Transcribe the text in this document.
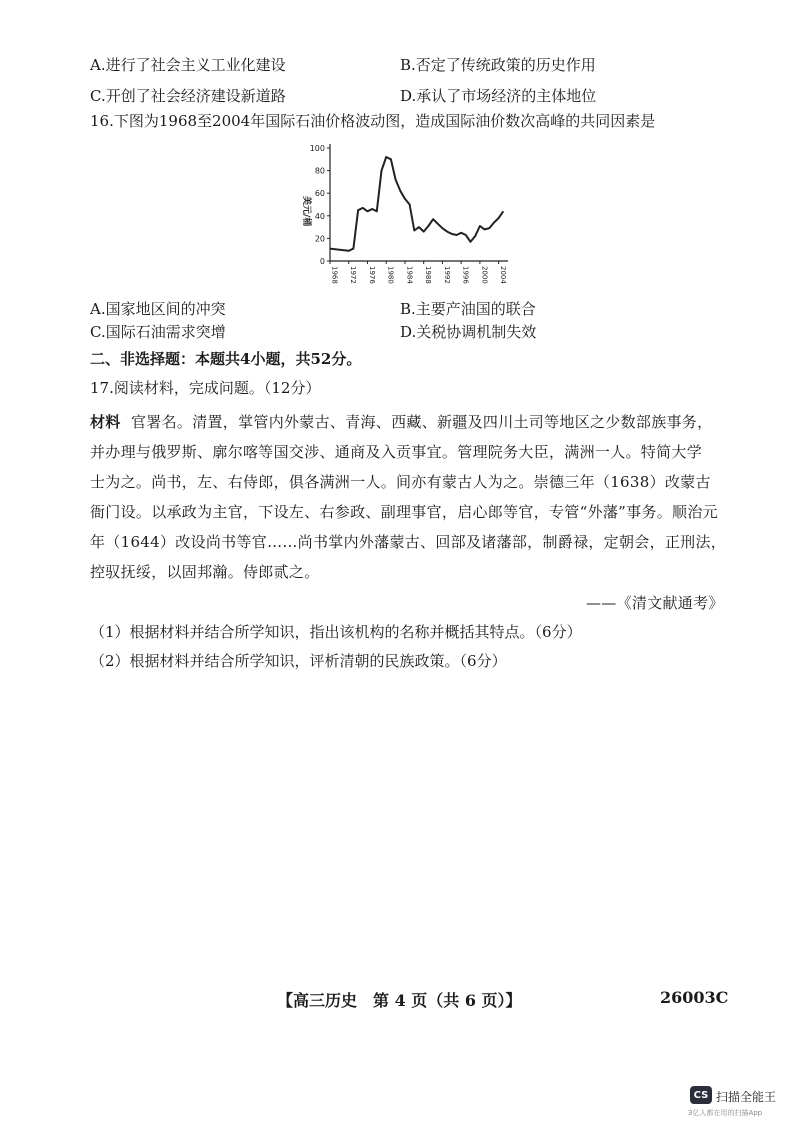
A.进行了社会主义工业化建设	B.否定了传统政策的历史作用
C.开创了社会经济建设新道路	D.承认了市场经济的主体地位
16.下图为1968至2004年国际石油价格波动图，造成国际油价数次高峰的共同因素是
0
20
40
60
80
100
1968 1972 1976 1980 1984 1988 1992 1996 2000 2004
美元/桶
A.国家地区间的冲突	B.主要产油国的联合
C.国际石油需求突增	D.关税协调机制失效
二、非选择题：本题共4小题，共52分。
17.阅读材料，完成问题。（12分）
材料 官署名。清置，掌管内外蒙古、青海、西藏、新疆及四川土司等地区之少数部族事务，
并办理与俄罗斯、廓尔喀等国交涉、通商及入贡事宜。管理院务大臣，满洲一人。特简大学
士为之。尚书，左、右侍郎，俱各满洲一人。间亦有蒙古人为之。崇德三年（1638）改蒙古
衙门设。以承政为主官，下设左、右参政、副理事官，启心郎等官，专管“外藩”事务。顺治元
年（1644）改设尚书等官……尚书掌内外藩蒙古、回部及诸藩部，制爵禄，定朝会，正刑法，
控驭抚绥，以固邦瀚。侍郎贰之。
——《清文献通考》
（1）根据材料并结合所学知识，指出该机构的名称并概括其特点。（6分）
（2）根据材料并结合所学知识，评析清朝的民族政策。（6分）
【高三历史　第 4 页（共 6 页）】	26003C
CS 扫描全能王
3亿人都在用的扫描App
